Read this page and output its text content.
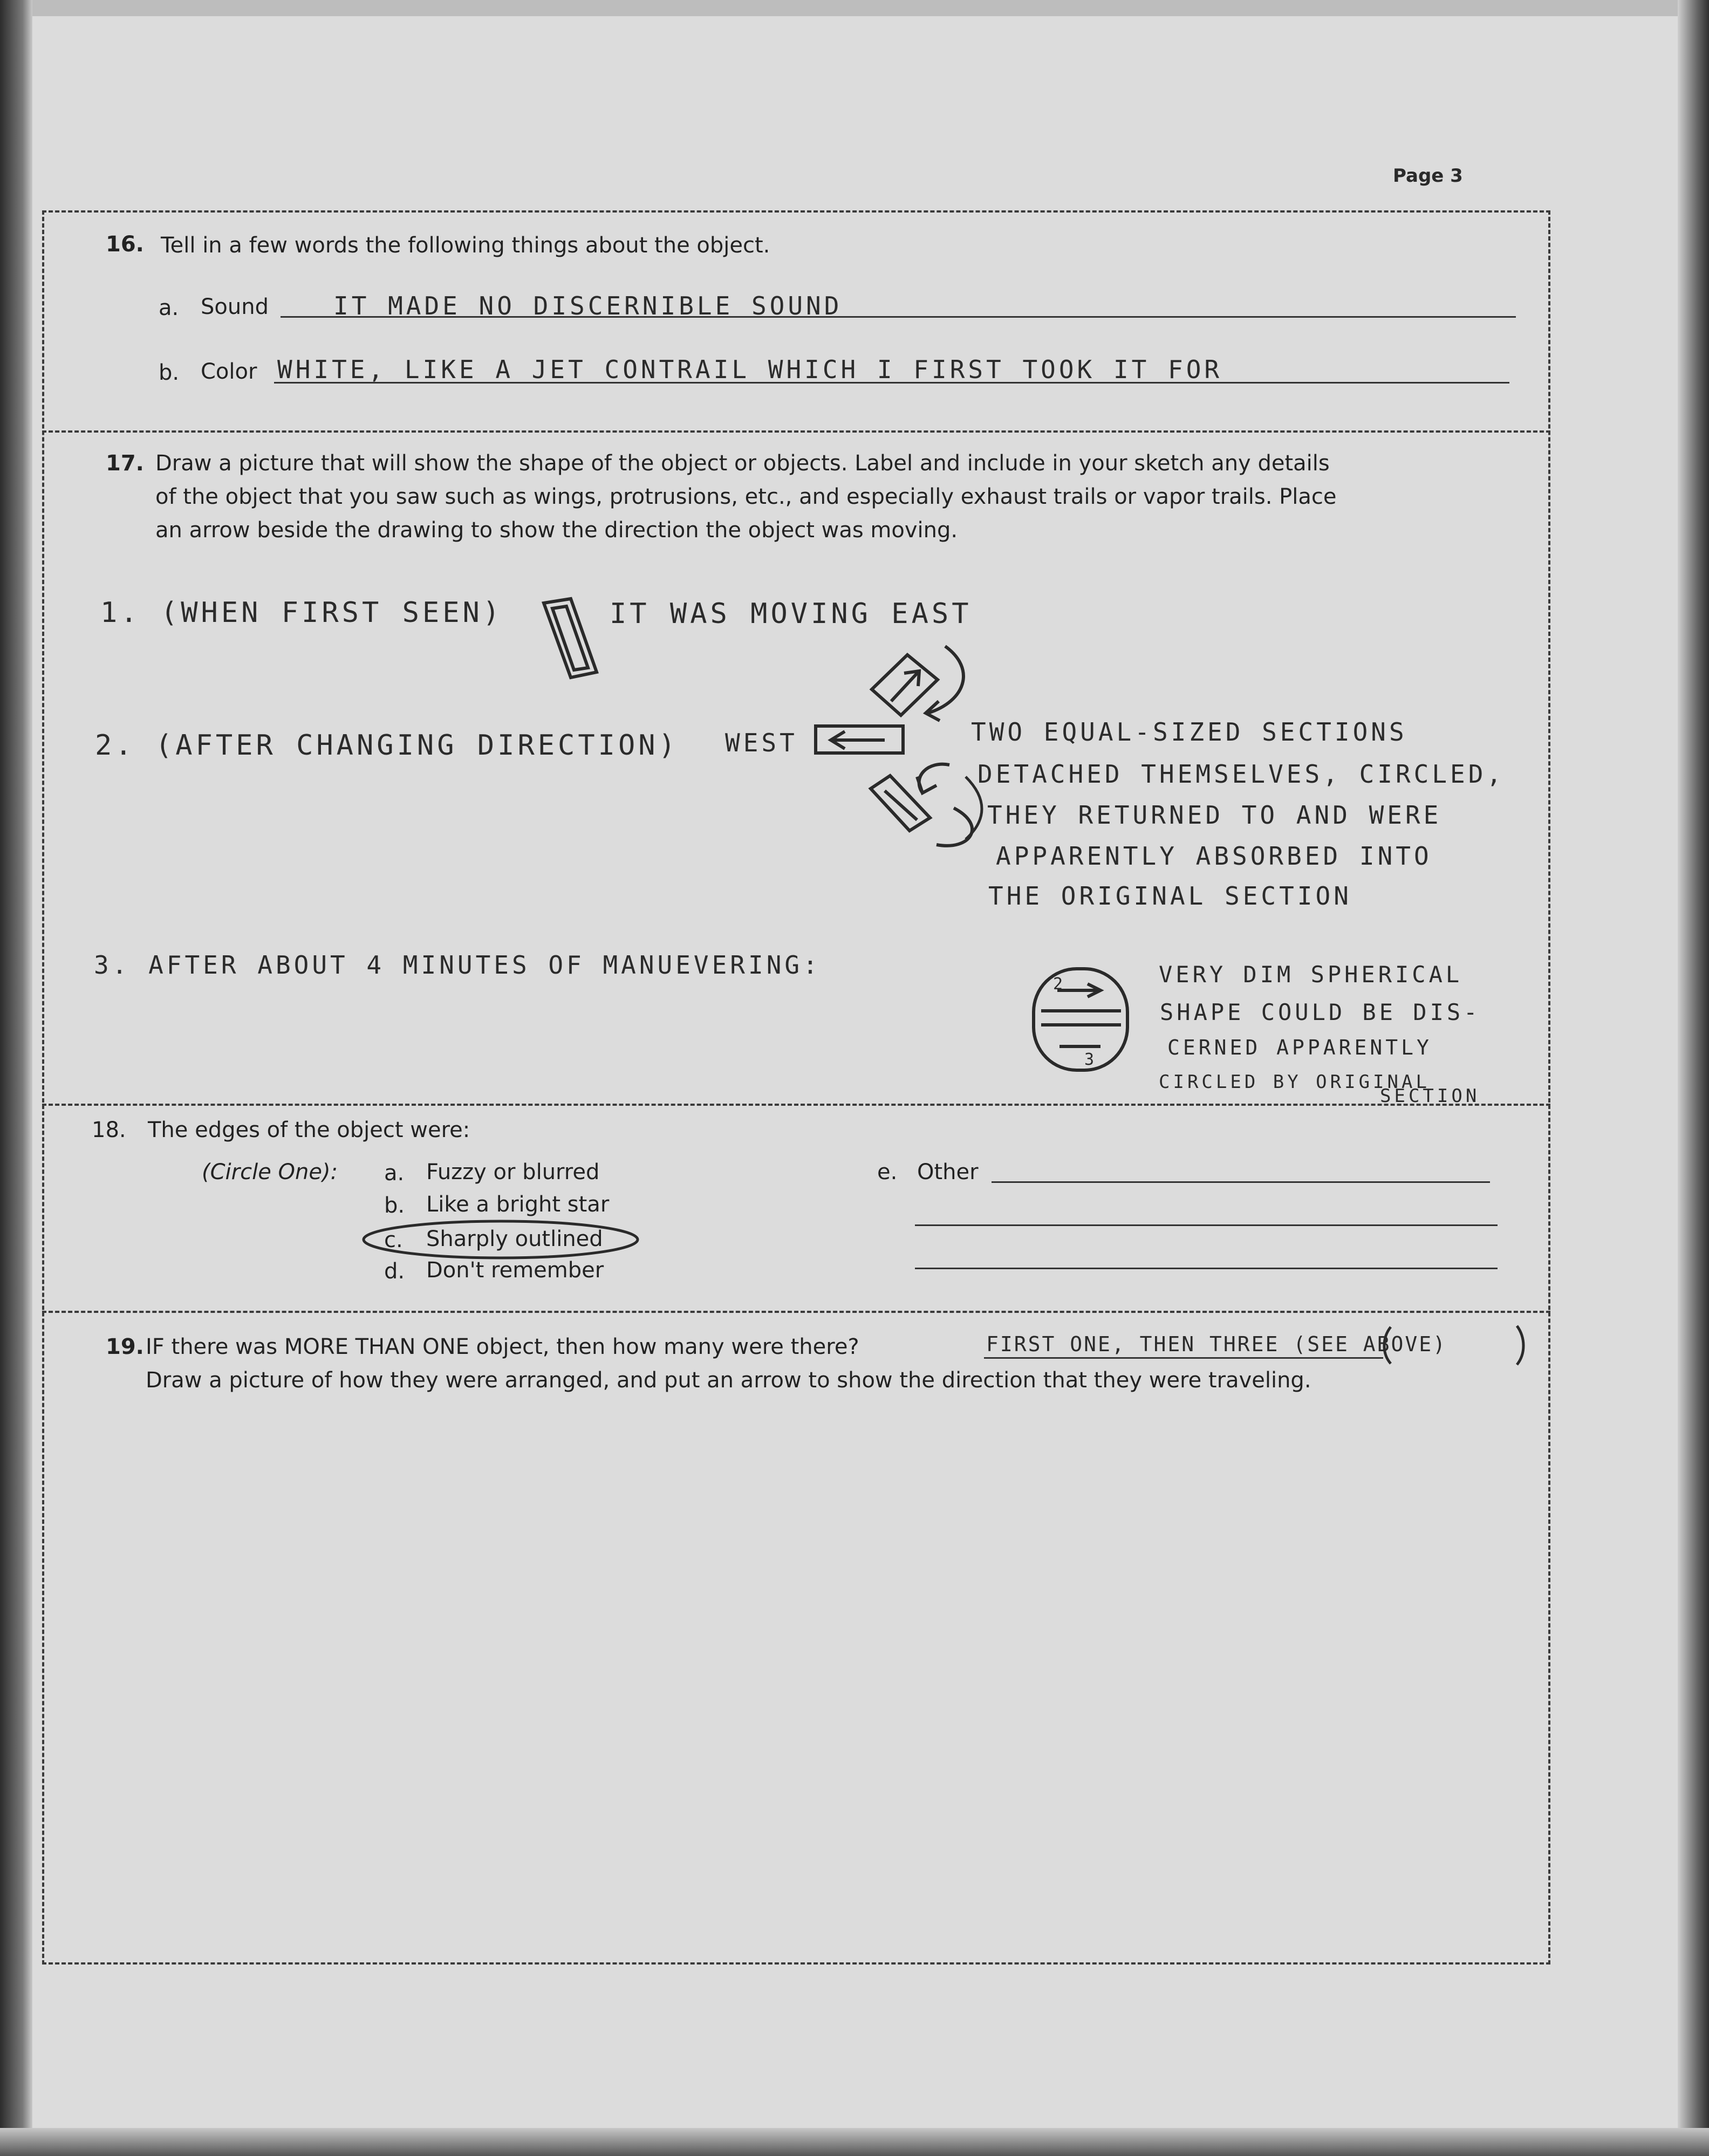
Page 3
16. Tell in a few words the following things about the object.
a. Sound	IT MADE NO DISCERNIBLE SOUND
b. Color WHITE, LIKE A JET CONTRAIL WHICH I FIRST TOOK IT FOR
17. Draw a picture that will show the shape of the object or objects. Label and include in your sketch any details
of the object that you saw such as wings, protrusions, etc., and especially exhaust trails or vapor trails. Place
an arrow beside the drawing to show the direction the object was moving.
1. (WHEN FIRST SEEN)	IT WAS MOVING EAST
2. (AFTER CHANGING DIRECTION) WEST	TWO EQUAL-SIZED SECTIONS
DETACHED THEMSELVES, CIRCLED,
THEY RETURNED TO AND WERE
APPARENTLY ABSORBED INTO
THE ORIGINAL SECTION
3. AFTER ABOUT 4 MINUTES OF MANUEVERING:	VERY DIM SPHERICAL
SHAPE COULD BE DIS-
CERNED APPARENTLY
CIRCLED BY ORIGINAL
SECTION
2
3
18. The edges of the object were:
(Circle One): a. Fuzzy or blurred
b. Like a bright star
c. Sharply outlined
d. Don't remember
e. Other
19. IF there was MORE THAN ONE object, then how many were there?	FIRST ONE, THEN THREE (SEE ABOVE)
Draw a picture of how they were arranged, and put an arrow to show the direction that they were traveling.
